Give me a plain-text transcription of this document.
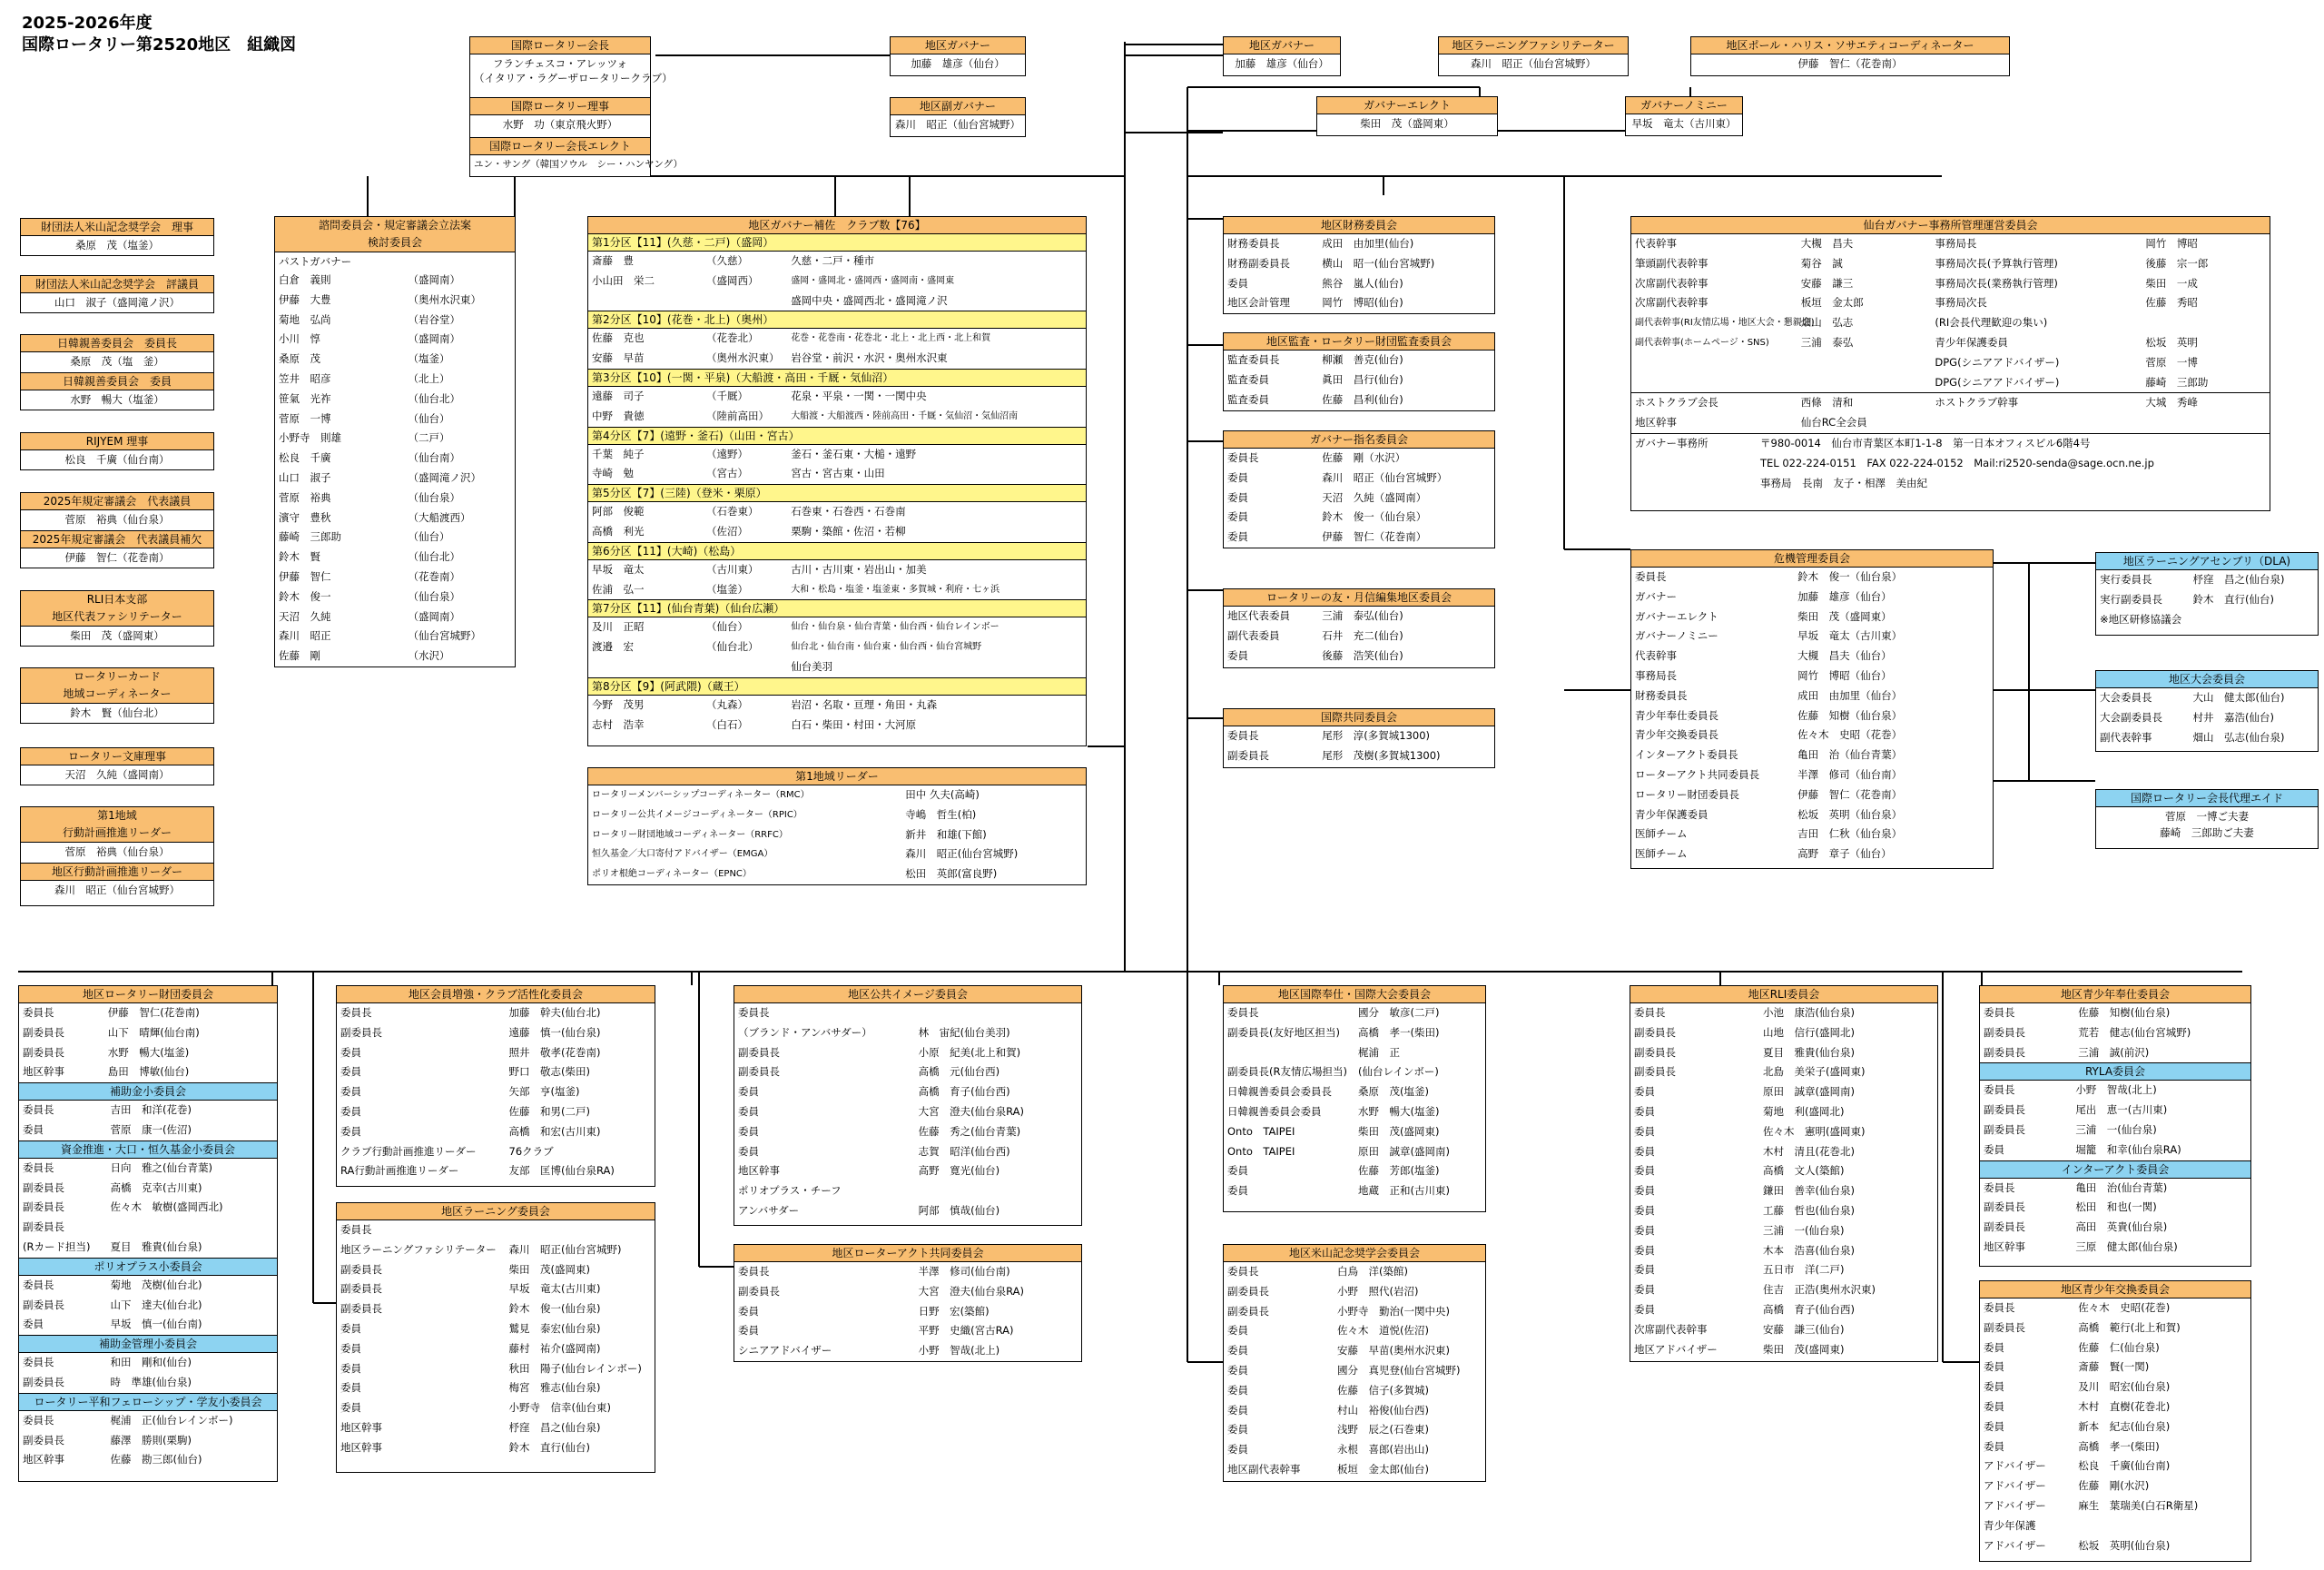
2025-2026年度
国際ロータリー第2520地区　組織図	国際ロータリー会長
フランチェスコ・アレッツォ
（イタリア・ラグーザロータリークラブ）
国際ロータリー理事
水野　功（東京飛火野）
国際ロータリー会長エレクト
ユン・サング（韓国ソウル　シー・ハンヤング）
地区ガバナー
加藤　雄彦（仙台）
地区副ガバナー
森川　昭正（仙台宮城野）
地区ガバナー
加藤　雄彦（仙台）
地区ラーニングファシリテーター
森川　昭正（仙台宮城野）
地区ポール・ハリス・ソサエティコーディネーター
伊藤　智仁（花巻南）
ガバナーエレクト
柴田　茂（盛岡東）
ガバナーノミニー
早坂　竜太（古川東）
財団法人米山記念奨学会　理事
桑原　茂（塩釜）
財団法人米山記念奨学会　評議員
山口　淑子（盛岡滝ノ沢）
日韓親善委員会　委員長
桑原　茂（塩　釜）
日韓親善委員会　委員
水野　暢大（塩釜）
RIJYEM 理事
松良　千廣（仙台南）
2025年規定審議会　代表議員
菅原　裕典（仙台泉）
2025年規定審議会　代表議員補欠
伊藤　智仁（花巻南）
RLI日本支部
地区代表ファシリテーター
柴田　茂（盛岡東）
ロータリーカード
地域コーディネーター
鈴木　賢（仙台北）
ロータリー文庫理事
天沼　久純（盛岡南）
第1地域
行動計画推進リーダー
菅原　裕典（仙台泉）
地区行動計画推進リーダー
森川　昭正（仙台宮城野）
諮問委員会・規定審議会立法案
検討委員会
パストガバナー
白倉　義則	（盛岡南）
伊藤　大豊	（奥州水沢東）
菊地　弘尚	（岩谷堂）
小川　惇	（盛岡南）
桑原　茂	（塩釜）
笠井　昭彦	（北上）
笹氣　光祚	（仙台北）
菅原　一博	（仙台）
小野寺　則雄	（二戸）
松良　千廣	（仙台南）
山口　淑子	（盛岡滝ノ沢）
菅原　裕典	（仙台泉）
濱守　豊秋	（大船渡西）
藤崎　三郎助	（仙台）
鈴木　賢	（仙台北）
伊藤　智仁	（花巻南）
鈴木　俊一	（仙台泉）
天沼　久純	（盛岡南）
森川　昭正	（仙台宮城野）
佐藤　剛	（水沢）
地区ガバナー補佐　クラブ数【76】
第1分区【11】(久慈・二戸)（盛岡）
斎藤　豊	（久慈）	久慈・二戸・種市
小山田　栄二	（盛岡西）	盛岡・盛岡北・盛岡西・盛岡南・盛岡東
		盛岡中央・盛岡西北・盛岡滝ノ沢
第2分区【10】(花巻・北上)（奥州）
佐藤　克也	（花巻北）	花巻・花巻南・花巻北・北上・北上西・北上和賀
安藤　早苗	（奥州水沢東）	岩谷堂・前沢・水沢・奥州水沢東
第3分区【10】(一関・平泉)（大船渡・高田・千厩・気仙沼）
遠藤　司子	（千厩）	花泉・平泉・一関・一関中央
中野　貴徳	（陸前高田）	大船渡・大船渡西・陸前高田・千厩・気仙沼・気仙沼南
第4分区【7】(遠野・釜石)（山田・宮古）
千葉　純子	（遠野）	釜石・釜石東・大槌・遠野
寺崎　勉	（宮古）	宮古・宮古東・山田
第5分区【7】(三陸)（登米・栗原）
阿部　俊範	（石巻東）	石巻東・石巻西・石巻南
高橋　利光	（佐沼）	栗駒・築館・佐沼・若柳
第6分区【11】(大崎)（松島）
早坂　竜太	（古川東）	古川・古川東・岩出山・加美
佐浦　弘一	（塩釜）	大和・松島・塩釜・塩釜東・多賀城・利府・七ヶ浜
第7分区【11】(仙台青葉)（仙台広瀬）
及川　正昭	（仙台）	仙台・仙台泉・仙台青葉・仙台西・仙台レインボー
渡邉　宏	（仙台北）	仙台北・仙台南・仙台東・仙台西・仙台宮城野
		仙台美羽
第8分区【9】(阿武隈)（蔵王）
今野　茂男	（丸森）	岩沼・名取・亘理・角田・丸森
志村　浩幸	（白石）	白石・柴田・村田・大河原
第1地域リーダー
ロータリーメンバーシップコーディネーター（RMC）	田中 久夫(高崎)
ロータリー公共イメージコーディネーター（RPIC）	寺嶋　哲生(柏)
ロータリー財団地域コーディネーター（RRFC）	新井　和雄(下館)
恒久基金／大口寄付アドバイザー（EMGA）	森川　昭正(仙台宮城野)
ポリオ根絶コーディネーター（EPNC）	松田　英郎(富良野)
地区財務委員会
財務委員長	成田　由加里(仙台)
財務副委員長	横山　昭一(仙台宮城野)
委員	熊谷　嵐人(仙台)
地区会計管理	岡竹　博昭(仙台)
地区監査・ロータリー財団監査委員会
監査委員長	柳瀬　善克(仙台)
監査委員	眞田　昌行(仙台)
監査委員	佐藤　昌利(仙台)
ガバナー指名委員会
委員長	佐藤　剛（水沢）
委員	森川　昭正（仙台宮城野）
委員	天沼　久純（盛岡南）
委員	鈴木　俊一（仙台泉）
委員	伊藤　智仁（花巻南）
ロータリーの友・月信編集地区委員会
地区代表委員	三浦　泰弘(仙台)
副代表委員	石井　充二(仙台)
委員	後藤　浩笑(仙台)
国際共同委員会
委員長	尾形　淳(多賀城1300)
副委員長	尾形　茂樹(多賀城1300)
仙台ガバナー事務所管理運営委員会
代表幹事	大槻　昌夫	事務局長	岡竹　博昭
筆頭副代表幹事	菊谷　誠	事務局次長(予算執行管理)	後藤　宗一郎
次席副代表幹事	安藤　謙三	事務局次長(業務執行管理)	柴田　一成
次席副代表幹事	板垣　金太郎	事務局次長	佐藤　秀昭
副代表幹事(RI友情広場・地区大会・懇親会)	畑山　弘志	(RI会長代理歓迎の集い)	
副代表幹事(ホームページ・SNS)	三浦　泰弘	青少年保護委員	松坂　英明
		DPG(シニアアドバイザー)	菅原　一博
		DPG(シニアアドバイザー)	藤崎　三郎助
ホストクラブ会長	西條　清和	ホストクラブ幹事	大城　秀峰
地区幹事	仙台RC全会員		
ガバナー事務所	〒980-0014　仙台市青葉区本町1-1-8　第一日本オフィスビル6階4号
TEL 022-224-0151　FAX 022-224-0152　Mail:ri2520-senda@sage.ocn.ne.jp
事務局　長南　友子・相澤　美由紀
危機管理委員会
委員長	鈴木　俊一（仙台泉）
ガバナー	加藤　雄彦（仙台）
ガバナーエレクト	柴田　茂（盛岡東）
ガバナーノミニー	早坂　竜太（古川東）
代表幹事	大槻　昌夫（仙台）
事務局長	岡竹　博昭（仙台）
財務委員長	成田　由加里（仙台）
青少年奉仕委員長	佐藤　知樹（仙台泉）
青少年交換委員長	佐々木　史昭（花巻）
インターアクト委員長	亀田　治（仙台青葉）
ローターアクト共同委員長	半澤　修司（仙台南）
ロータリー財団委員長	伊藤　智仁（花巻南）
青少年保護委員	松坂　英明（仙台泉）
医師チーム	吉田　仁秋（仙台泉）
医師チーム	高野　章子（仙台）
地区ラーニングアセンブリ（DLA)
実行委員長	杼窪　昌之(仙台泉)
実行副委員長	鈴木　直行(仙台)
※地区研修協議会
地区大会委員会
大会委員長	大山　健太郎(仙台)
大会副委員長	村井　嘉浩(仙台)
副代表幹事	畑山　弘志(仙台泉)
国際ロータリー会長代理エイド
菅原　一博ご夫妻
藤崎　三郎助ご夫妻
地区ロータリー財団委員会
委員長	伊藤　智仁(花巻南)
副委員長	山下　晴輝(仙台南)
副委員長	水野　暢大(塩釜)
地区幹事	島田　博敏(仙台)
補助金小委員会
委員長	吉田　和洋(花巻)
委員	菅原　康一(佐沼)
資金推進・大口・恒久基金小委員会
委員長	日向　雅之(仙台青葉)	
副委員長	高橋　克幸(古川東)	
副委員長	佐々木　敏樹(盛岡西北)	
副委員長		
(Rカード担当)	夏目　雅貴(仙台泉)	
ポリオプラス小委員会
委員長	菊地　茂樹(仙台北)
副委員長	山下　達夫(仙台北)
委員	早坂　慎一(仙台南)
補助金管理小委員会
委員長	和田　剛和(仙台)
副委員長	時　準雄(仙台泉)
ロータリー平和フェローシップ・学友小委員会
委員長	梶浦　正(仙台レインボー)
副委員長	藤澤　勝則(栗駒)
地区幹事	佐藤　勘三郎(仙台)
地区会員増強・クラブ活性化委員会
委員長	加藤　幹夫(仙台北)
副委員長	遠藤　慎一(仙台泉)
委員	照井　敬孝(花巻南)
委員	野口　敬志(柴田)
委員	矢部　亨(塩釜)
委員	佐藤　和男(二戸)
委員	高橋　和宏(古川東)
クラブ行動計画推進リーダー	76クラブ
RA行動計画推進リーダー	友部　匡博(仙台泉RA)
地区ラーニング委員会
委員長		
地区ラーニングファシリテーター	森川　昭正(仙台宮城野)	
副委員長	柴田　茂(盛岡東)	
副委員長	早坂　竜太(古川東)	
副委員長	鈴木　俊一(仙台泉)	
委員	鷲見　泰宏(仙台泉)	
委員	藤村　祐介(盛岡南)	
委員	秋田　陽子(仙台レインボー)	
委員	梅宮　雅志(仙台泉)	
委員	小野寺　信幸(仙台東)	
地区幹事	杼窪　昌之(仙台泉)	
地区幹事	鈴木　直行(仙台)	
地区公共イメージ委員会
委員長		
（ブランド・アンバサダー）	林　宙紀(仙台美羽)	
副委員長	小原　紀美(北上和賀)	
副委員長	高橋　元(仙台西)	
委員	高橋　育子(仙台西)	
委員	大宮　澄夫(仙台泉RA)	
委員	佐藤　秀之(仙台青葉)	
委員	志賀　昭洋(仙台西)	
地区幹事	高野　寛光(仙台)	
ポリオプラス・チーフ		
アンバサダー	阿部　慎哉(仙台)	
地区ローターアクト共同委員会
委員長	半澤　修司(仙台南)
副委員長	大宮　澄夫(仙台泉RA)
委員	日野　宏(築館)
委員	平野　史織(宮古RA)
シニアアドバイザー	小野　智哉(北上)
地区国際奉仕・国際大会委員会
委員長	國分　敏彦(二戸)	
副委員長(友好地区担当)	高橋　孝一(柴田)	
	梶浦　正	
副委員長(R友情広場担当)	(仙台レインボー)	
日韓親善委員会委員長	桑原　茂(塩釜)	
日韓親善委員会委員	水野　暢大(塩釜)	
Onto　TAIPEI	柴田　茂(盛岡東)	
Onto　TAIPEI	原田　誠章(盛岡南)	
委員	佐藤　芳郎(塩釜)	
委員	地蔵　正和(古川東)	
地区米山記念奨学会委員会
委員長	白鳥　洋(築館)
副委員長	小野　照代(岩沼)
副委員長	小野寺　勤治(一関中央)
委員	佐々木　道悦(佐沼)
委員	安藤　早苗(奥州水沢東)
委員	國分　真児登(仙台宮城野)
委員	佐藤　信子(多賀城)
委員	村山　裕俊(仙台西)
委員	浅野　辰之(石巻東)
委員	永根　喜郎(岩出山)
地区副代表幹事	板垣　金太郎(仙台)
地区RLI委員会
委員長	小池　康浩(仙台泉)
副委員長	山地　信行(盛岡北)
副委員長	夏目　雅貴(仙台泉)
副委員長	北島　美栄子(盛岡東)
委員	原田　誠章(盛岡南)
委員	菊地　利(盛岡北)
委員	佐々木　憲明(盛岡東)
委員	木村　清且(花巻北)
委員	高橋　文人(築館)
委員	鎌田　善幸(仙台泉)
委員	工藤　哲也(仙台泉)
委員	三浦　一(仙台泉)
委員	木本　浩喜(仙台泉)
委員	五日市　洋(二戸)
委員	住吉　正浩(奥州水沢東)
委員	高橋　育子(仙台西)
次席副代表幹事	安藤　謙三(仙台)
地区アドバイザー	柴田　茂(盛岡東)
地区青少年奉仕委員会
委員長	佐藤　知樹(仙台泉)
副委員長	荒若　健志(仙台宮城野)
副委員長	三浦　誠(前沢)
RYLA委員会
委員長	小野　智哉(北上)
副委員長	尾出　恵一(古川東)
副委員長	三浦　一(仙台泉)
委員	堀籠　和幸(仙台泉RA)
インターアクト委員会
委員長	亀田　治(仙台青葉)
副委員長	松田　和也(一関)
副委員長	高田　英貴(仙台泉)
地区幹事	三原　健太郎(仙台泉)
地区青少年交換委員会
委員長	佐々木　史昭(花巻)	
副委員長	高橋　範行(北上和賀)	
委員	佐藤　仁(仙台泉)	
委員	斎藤　賢(一関)	
委員	及川　昭宏(仙台泉)	
委員	木村　直樹(花巻北)	
委員	新本　紀志(仙台泉)	
委員	高橋　孝一(柴田)	
アドバイザー	松良　千廣(仙台南)	
アドバイザー	佐藤　剛(水沢)	
アドバイザー	麻生　葉瑞美(白石R衛星)	
青少年保護		
アドバイザー	松坂　英明(仙台泉)	
